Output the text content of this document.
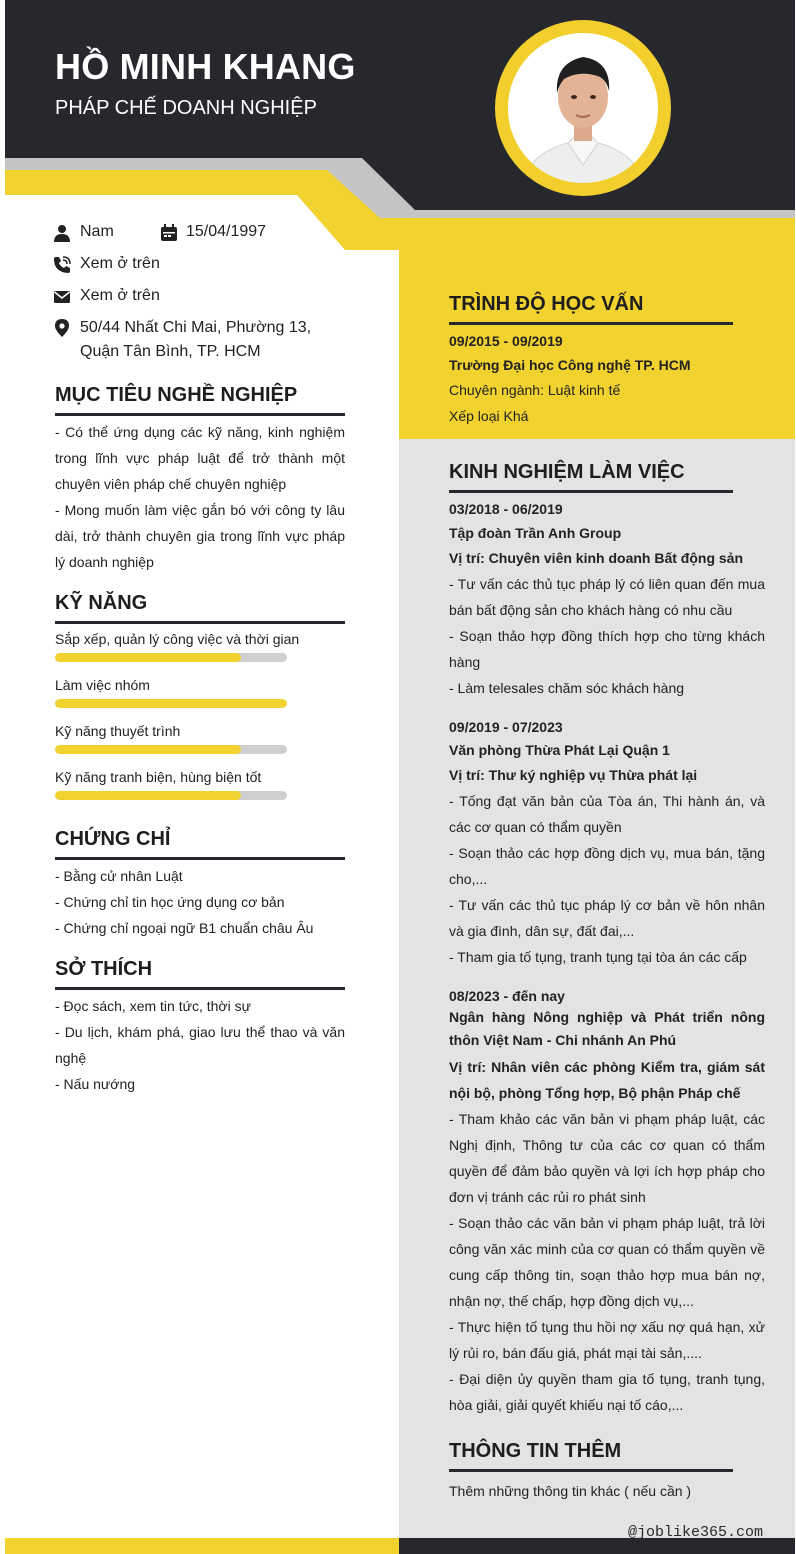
HỒ MINH KHANG
PHÁP CHẾ DOANH NGHIỆP
Nam	15/04/1997
Xem ở trên
Xem ở trên
50/44 Nhất Chi Mai, Phường 13,
Quận Tân Bình, TP. HCM
MỤC TIÊU NGHỀ NGHIỆP
- Có thể ứng dụng các kỹ năng, kinh nghiệm trong lĩnh vực pháp luật để trở thành một chuyên viên pháp chế chuyên nghiệp
- Mong muốn làm việc gắn bó với công ty lâu dài, trở thành chuyên gia trong lĩnh vực pháp lý doanh nghiệp
KỸ NĂNG
Sắp xếp, quản lý công việc và thời gian
Làm việc nhóm
Kỹ năng thuyết trình
Kỹ năng tranh biện, hùng biện tốt
CHỨNG CHỈ
- Bằng cử nhân Luật
- Chứng chỉ tin học ứng dụng cơ bản
- Chứng chỉ ngoại ngữ B1 chuẩn châu Âu
SỞ THÍCH
- Đọc sách, xem tin tức, thời sự
- Du lịch, khám phá, giao lưu thể thao và văn nghệ
- Nấu nướng
TRÌNH ĐỘ HỌC VẤN
09/2015 - 09/2019
Trường Đại học Công nghệ TP. HCM
Chuyên ngành: Luật kinh tế
Xếp loại Khá
KINH NGHIỆM LÀM VIỆC
03/2018 - 06/2019
Tập đoàn Trần Anh Group
Vị trí: Chuyên viên kinh doanh Bất động sản
- Tư vấn các thủ tục pháp lý có liên quan đến mua bán bất động sản cho khách hàng có nhu cầu
- Soạn thảo hợp đồng thích hợp cho từng khách hàng
- Làm telesales chăm sóc khách hàng
09/2019 - 07/2023
Văn phòng Thừa Phát Lại Quận 1
Vị trí: Thư ký nghiệp vụ Thừa phát lại
- Tống đạt văn bản của Tòa án, Thi hành án, và các cơ quan có thẩm quyền
- Soạn thảo các hợp đồng dịch vụ, mua bán, tặng cho,...
- Tư vấn các thủ tục pháp lý cơ bản về hôn nhân và gia đình, dân sự, đất đai,...
- Tham gia tố tụng, tranh tụng tại tòa án các cấp
08/2023 - đến nay
Ngân hàng Nông nghiệp và Phát triển nông thôn Việt Nam - Chi nhánh An Phú
Vị trí: Nhân viên các phòng Kiểm tra, giám sát nội bộ, phòng Tổng hợp, Bộ phận Pháp chế
- Tham khảo các văn bản vi phạm pháp luật, các Nghị định, Thông tư của các cơ quan có thẩm quyền để đảm bảo quyền và lợi ích hợp pháp cho đơn vị tránh các rủi ro phát sinh
- Soạn thảo các văn bản vi phạm pháp luật, trả lời công văn xác minh của cơ quan có thẩm quyền về cung cấp thông tin, soạn thảo hợp mua bán nợ, nhận nợ, thế chấp, hợp đồng dịch vụ,...
- Thực hiện tố tụng thu hồi nợ xấu nợ quá hạn, xử lý rủi ro, bán đấu giá, phát mại tài sản,....
- Đại diện ủy quyền tham gia tố tụng, tranh tụng, hòa giải, giải quyết khiếu nại tố cáo,...
THÔNG TIN THÊM
Thêm những thông tin khác ( nếu cần )
@joblike365.com
